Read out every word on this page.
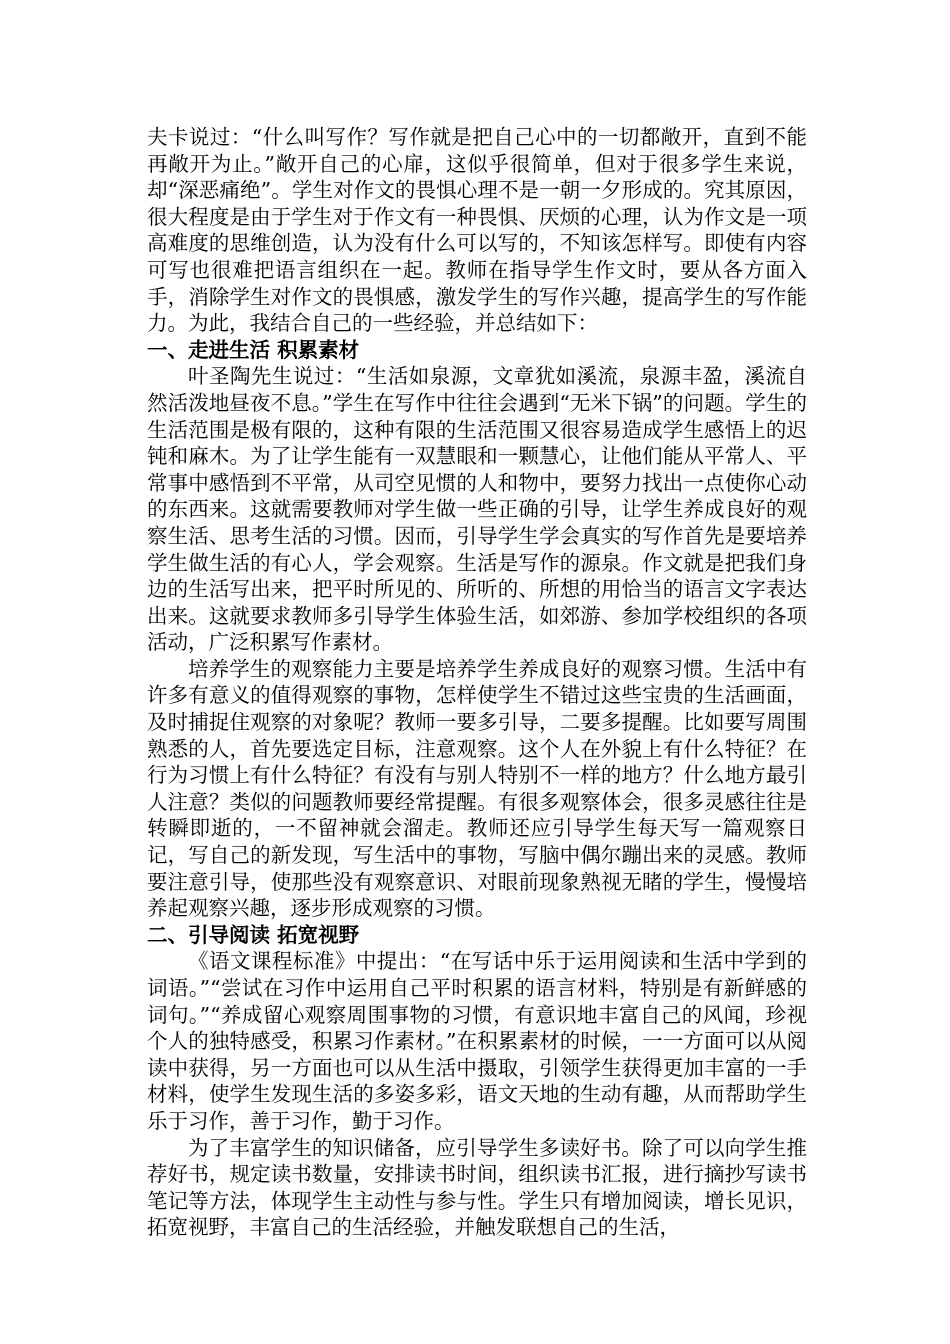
夫卡说过：“什么叫写作？写作就是把自己心中的一切都敞开，直到不能再敞开为止。”敞开自己的心扉，这似乎很简单，但对于很多学生来说，却“深恶痛绝”。学生对作文的畏惧心理不是一朝一夕形成的。究其原因，很大程度是由于学生对于作文有一种畏惧、厌烦的心理，认为作文是一项高难度的思维创造，认为没有什么可以写的，不知该怎样写。即使有内容可写也很难把语言组织在一起。教师在指导学生作文时，要从各方面入手，消除学生对作文的畏惧感，激发学生的写作兴趣，提高学生的写作能力。为此，我结合自己的一些经验，并总结如下：

一、走进生活 积累素材

叶圣陶先生说过：“生活如泉源，文章犹如溪流，泉源丰盈，溪流自然活泼地昼夜不息。”学生在写作中往往会遇到“无米下锅”的问题。学生的生活范围是极有限的，这种有限的生活范围又很容易造成学生感悟上的迟钝和麻木。为了让学生能有一双慧眼和一颗慧心，让他们能从平常人、平常事中感悟到不平常，从司空见惯的人和物中，要努力找出一点使你心动的东西来。这就需要教师对学生做一些正确的引导，让学生养成良好的观察生活、思考生活的习惯。因而，引导学生学会真实的写作首先是要培养学生做生活的有心人，学会观察。生活是写作的源泉。作文就是把我们身边的生活写出来，把平时所见的、所听的、所想的用恰当的语言文字表达出来。这就要求教师多引导学生体验生活，如郊游、参加学校组织的各项活动，广泛积累写作素材。

培养学生的观察能力主要是培养学生养成良好的观察习惯。生活中有许多有意义的值得观察的事物，怎样使学生不错过这些宝贵的生活画面，及时捕捉住观察的对象呢？教师一要多引导，二要多提醒。比如要写周围熟悉的人，首先要选定目标，注意观察。这个人在外貌上有什么特征？在行为习惯上有什么特征？有没有与别人特别不一样的地方？什么地方最引人注意？类似的问题教师要经常提醒。有很多观察体会，很多灵感往往是转瞬即逝的，一不留神就会溜走。教师还应引导学生每天写一篇观察日记，写自己的新发现，写生活中的事物，写脑中偶尔蹦出来的灵感。教师要注意引导，使那些没有观察意识、对眼前现象熟视无睹的学生，慢慢培养起观察兴趣，逐步形成观察的习惯。

二、引导阅读 拓宽视野

《语文课程标准》中提出：“在写话中乐于运用阅读和生活中学到的词语。”“尝试在习作中运用自己平时积累的语言材料，特别是有新鲜感的词句。”“养成留心观察周围事物的习惯，有意识地丰富自己的风闻，珍视个人的独特感受，积累习作素材。”在积累素材的时候，一一方面可以从阅读中获得，另一方面也可以从生活中摄取，引领学生获得更加丰富的一手材料，使学生发现生活的多姿多彩，语文天地的生动有趣，从而帮助学生乐于习作，善于习作，勤于习作。

为了丰富学生的知识储备，应引导学生多读好书。除了可以向学生推荐好书，规定读书数量，安排读书时间，组织读书汇报，进行摘抄写读书笔记等方法，体现学生主动性与参与性。学生只有增加阅读，增长见识，拓宽视野，丰富自己的生活经验，并触发联想自己的生活，
